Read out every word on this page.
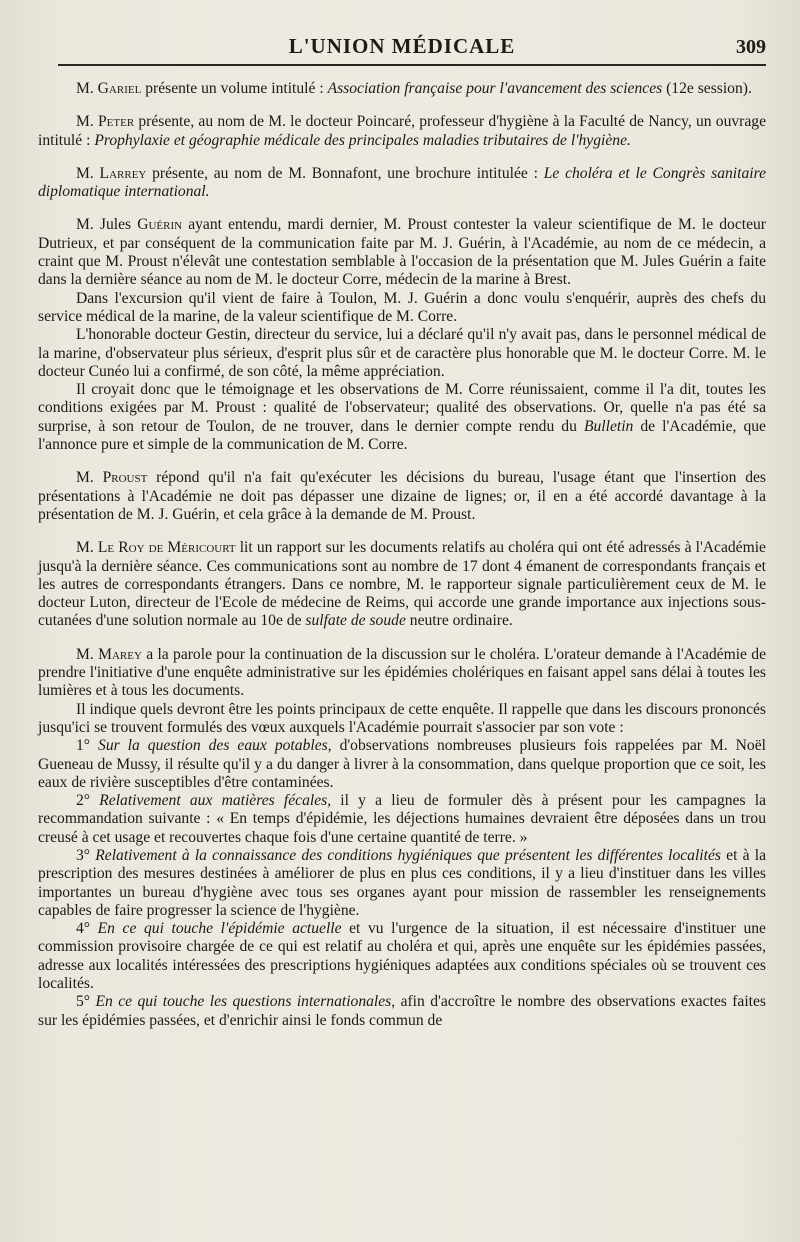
L'UNION MÉDICALE	309

M. Gariel présente un volume intitulé : Association française pour l'avancement des sciences (12e session).

M. Peter présente, au nom de M. le docteur Poincaré, professeur d'hygiène à la Faculté de Nancy, un ouvrage intitulé : Prophylaxie et géographie médicale des principales maladies tributaires de l'hygiène.

M. Larrey présente, au nom de M. Bonnafont, une brochure intitulée : Le choléra et le Congrès sanitaire diplomatique international.

M. Jules Guérin ayant entendu, mardi dernier, M. Proust contester la valeur scientifique de M. le docteur Dutrieux, et par conséquent de la communication faite par M. J. Guérin, à l'Académie, au nom de ce médecin, a craint que M. Proust n'élevât une contestation semblable à l'occasion de la présentation que M. Jules Guérin a faite dans la dernière séance au nom de M. le docteur Corre, médecin de la marine à Brest.

Dans l'excursion qu'il vient de faire à Toulon, M. J. Guérin a donc voulu s'enquérir, auprès des chefs du service médical de la marine, de la valeur scientifique de M. Corre.

L'honorable docteur Gestin, directeur du service, lui a déclaré qu'il n'y avait pas, dans le personnel médical de la marine, d'observateur plus sérieux, d'esprit plus sûr et de caractère plus honorable que M. le docteur Corre. M. le docteur Cunéo lui a confirmé, de son côté, la même appréciation.

Il croyait donc que le témoignage et les observations de M. Corre réunissaient, comme il l'a dit, toutes les conditions exigées par M. Proust : qualité de l'observateur; qualité des observations. Or, quelle n'a pas été sa surprise, à son retour de Toulon, de ne trouver, dans le dernier compte rendu du Bulletin de l'Académie, que l'annonce pure et simple de la communication de M. Corre.

M. Proust répond qu'il n'a fait qu'exécuter les décisions du bureau, l'usage étant que l'insertion des présentations à l'Académie ne doit pas dépasser une dizaine de lignes; or, il en a été accordé davantage à la présentation de M. J. Guérin, et cela grâce à la demande de M. Proust.

M. Le Roy de Méricourt lit un rapport sur les documents relatifs au choléra qui ont été adressés à l'Académie jusqu'à la dernière séance. Ces communications sont au nombre de 17 dont 4 émanent de correspondants français et les autres de correspondants étrangers. Dans ce nombre, M. le rapporteur signale particulièrement ceux de M. le docteur Luton, directeur de l'Ecole de médecine de Reims, qui accorde une grande importance aux injections sous-cutanées d'une solution normale au 10e de sulfate de soude neutre ordinaire.

M. Marey a la parole pour la continuation de la discussion sur le choléra. L'orateur demande à l'Académie de prendre l'initiative d'une enquête administrative sur les épidémies cholériques en faisant appel sans délai à toutes les lumières et à tous les documents.

Il indique quels devront être les points principaux de cette enquête. Il rappelle que dans les discours prononcés jusqu'ici se trouvent formulés des vœux auxquels l'Académie pourrait s'associer par son vote :

1° Sur la question des eaux potables, d'observations nombreuses plusieurs fois rappelées par M. Noël Gueneau de Mussy, il résulte qu'il y a du danger à livrer à la consommation, dans quelque proportion que ce soit, les eaux de rivière susceptibles d'être contaminées.

2° Relativement aux matières fécales, il y a lieu de formuler dès à présent pour les campagnes la recommandation suivante : « En temps d'épidémie, les déjections humaines devraient être déposées dans un trou creusé à cet usage et recouvertes chaque fois d'une certaine quantité de terre. »

3° Relativement à la connaissance des conditions hygiéniques que présentent les différentes localités et à la prescription des mesures destinées à améliorer de plus en plus ces conditions, il y a lieu d'instituer dans les villes importantes un bureau d'hygiène avec tous ses organes ayant pour mission de rassembler les renseignements capables de faire progresser la science de l'hygiène.

4° En ce qui touche l'épidémie actuelle et vu l'urgence de la situation, il est nécessaire d'instituer une commission provisoire chargée de ce qui est relatif au choléra et qui, après une enquête sur les épidémies passées, adresse aux localités intéressées des prescriptions hygiéniques adaptées aux conditions spéciales où se trouvent ces localités.

5° En ce qui touche les questions internationales, afin d'accroître le nombre des observations exactes faites sur les épidémies passées, et d'enrichir ainsi le fonds commun de
